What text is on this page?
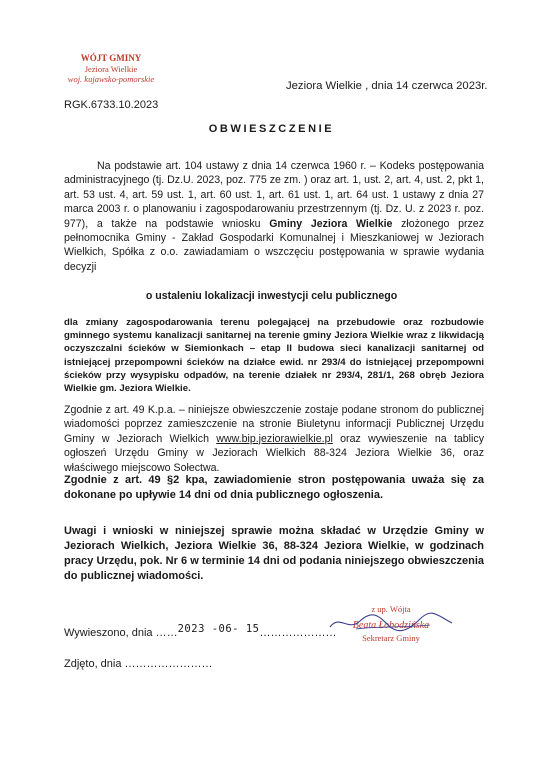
WÓJT GMINY
Jeziora Wielkie
woj. kujawsko-pomorskie
Jeziora Wielkie , dnia 14 czerwca 2023r.
RGK.6733.10.2023
OBWIESZCZENIE
Na podstawie art. 104 ustawy z dnia 14 czerwca 1960 r. – Kodeks postępowania administracyjnego (tj. Dz.U. 2023, poz. 775 ze zm. ) oraz art. 1, ust. 2, art. 4, ust. 2, pkt 1, art. 53 ust. 4, art. 59 ust. 1, art. 60 ust. 1, art. 61 ust. 1, art. 64 ust. 1 ustawy z dnia 27 marca 2003 r. o planowaniu i zagospodarowaniu przestrzennym (tj. Dz. U. z 2023 r. poz. 977), a także na podstawie wniosku Gminy Jeziora Wielkie złożonego przez pełnomocnika Gminy - Zakład Gospodarki Komunalnej i Mieszkaniowej w Jeziorach Wielkich, Spółka z o.o. zawiadamiam o wszczęciu postępowania w sprawie wydania decyzji
o ustaleniu lokalizacji inwestycji celu publicznego
dla zmiany zagospodarowania terenu polegającej na przebudowie oraz rozbudowie gminnego systemu kanalizacji sanitarnej na terenie gminy Jeziora Wielkie wraz z likwidacją oczyszczalni ścieków w Siemionkach – etap II budowa sieci kanalizacji sanitarnej od istniejącej przepompowni ścieków na działce ewid. nr 293/4 do istniejącej przepompowni ścieków przy wysypisku odpadów, na terenie działek nr 293/4, 281/1, 268 obręb Jeziora Wielkie gm. Jeziora Wielkie.
Zgodnie z art. 49 K.p.a. – niniejsze obwieszczenie zostaje podane stronom do publicznej wiadomości poprzez zamieszczenie na stronie Biuletynu informacji Publicznej Urzędu Gminy w Jeziorach Wielkich www.bip.jeziorawielkie.pl oraz wywieszenie na tablicy ogłoszeń Urzędu Gminy w Jeziorach Wielkich 88-324 Jeziora Wielkie 36, oraz właściwego miejscowo Sołectwa.
Zgodnie z art. 49 §2 kpa, zawiadomienie stron postępowania uważa się za dokonane po upływie 14 dni od dnia publicznego ogłoszenia.
Uwagi i wnioski w niniejszej sprawie można składać w Urzędzie Gminy w Jeziorach Wielkich, Jeziora Wielkie 36, 88-324 Jeziora Wielkie, w godzinach pracy Urzędu, pok. Nr 6 w terminie 14 dni od podania niniejszego obwieszczenia do publicznej wiadomości.
z up. Wójta
Beata Łobodzińska
Sekretarz Gminy
Wywieszono, dnia ……2023 -06- 15…………………
Zdjęto, dnia ……………………
